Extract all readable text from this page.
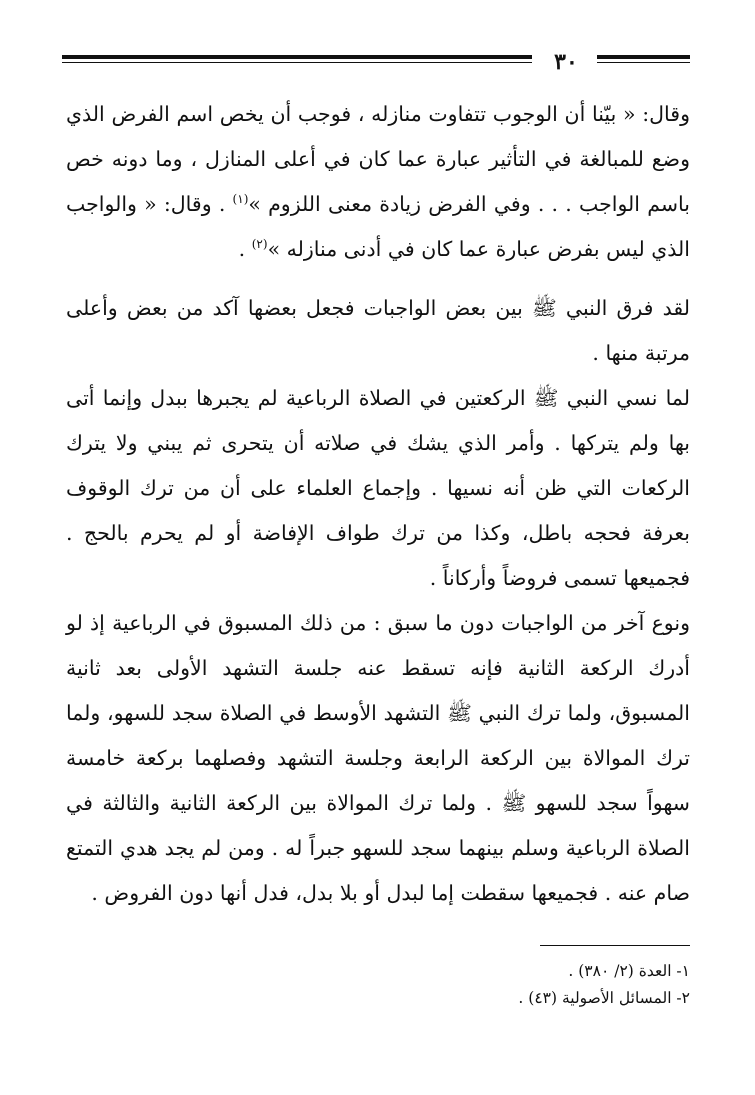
٣٠

وقال: « بيّنا أن الوجوب تتفاوت منازله ، فوجب أن يخص اسم الفرض الذي وضع للمبالغة في التأثير عبارة عما كان في أعلى المنازل ، وما دونه خص باسم الواجب . . . وفي الفرض زيادة معنى اللزوم »$^{(١)}$ . وقال: « والواجب الذي ليس بفرض عبارة عما كان في أدنى منازله »$^{(٢)}$ .

لقد فرق النبي ﷺ بين بعض الواجبات فجعل بعضها آكد من بعض وأعلى مرتبة منها .

لما نسي النبي ﷺ الركعتين في الصلاة الرباعية لم يجبرها ببدل وإنما أتى بها ولم يتركها . وأمر الذي يشك في صلاته أن يتحرى ثم يبني ولا يترك الركعات التي ظن أنه نسيها . وإجماع العلماء على أن من ترك الوقوف بعرفة فحجه باطل، وكذا من ترك طواف الإفاضة أو لم يحرم بالحج . فجميعها تسمى فروضاً وأركاناً .

ونوع آخر من الواجبات دون ما سبق : من ذلك المسبوق في الرباعية إذ لو أدرك الركعة الثانية فإنه تسقط عنه جلسة التشهد الأولى بعد ثانية المسبوق، ولما ترك النبي ﷺ التشهد الأوسط في الصلاة سجد للسهو، ولما ترك الموالاة بين الركعة الرابعة وجلسة التشهد وفصلهما بركعة خامسة سهواً سجد للسهو ﷺ . ولما ترك الموالاة بين الركعة الثانية والثالثة في الصلاة الرباعية وسلم بينهما سجد للسهو جبراً له . ومن لم يجد هدي التمتع صام عنه . فجميعها سقطت إما لبدل أو بلا بدل، فدل أنها دون الفروض .

١- العدة (٢/ ٣٨٠) .
٢- المسائل الأصولية (٤٣) .
